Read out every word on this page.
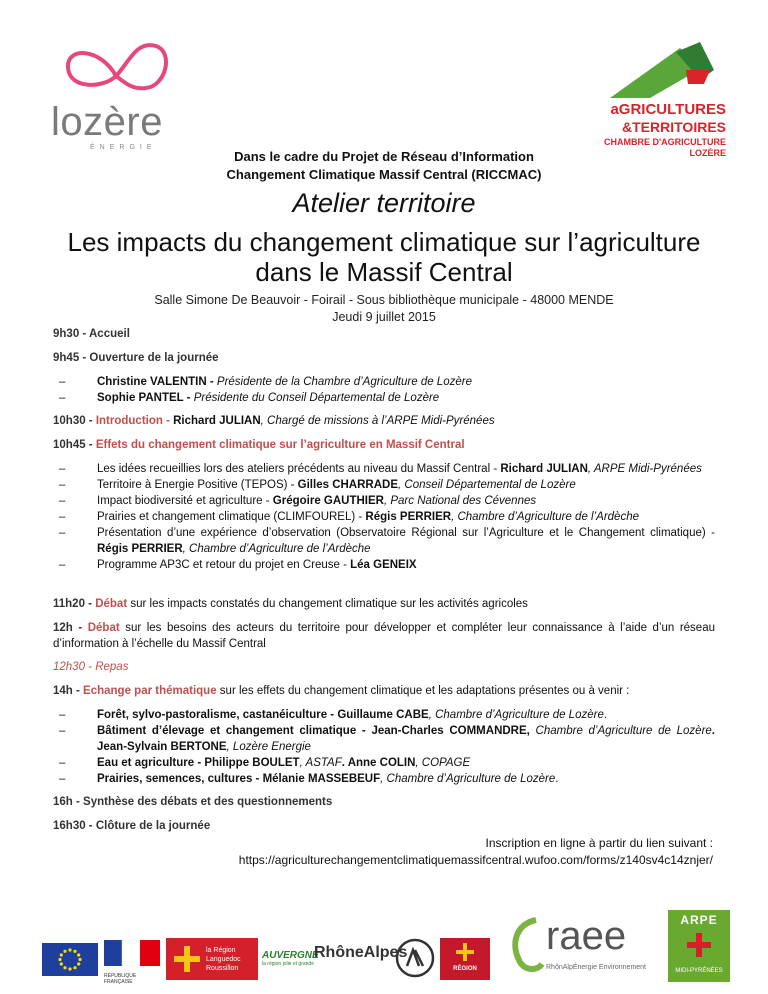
lozère
ÉNERGIE
aGRICULTURES
&TERRITOIRES
CHAMBRE D'AGRICULTURE
LOZÈRE
Dans le cadre du Projet de Réseau d’Information
Changement Climatique Massif Central (RICCMAC)
Atelier territoire
Les impacts du changement climatique sur l’agriculture
dans le Massif Central
Salle Simone De Beauvoir - Foirail - Sous bibliothèque municipale - 48000 MENDE
Jeudi 9 juillet 2015
9h30 - Accueil
9h45 - Ouverture de la journée
– Christine VALENTIN - Présidente de la Chambre d’Agriculture de Lozère
– Sophie PANTEL - Présidente du Conseil Départemental de Lozère
10h30 - Introduction - Richard JULIAN, Chargé de missions à l’ARPE Midi-Pyrénées
10h45 - Effets du changement climatique sur l’agriculture en Massif Central
– Les idées recueillies lors des ateliers précédents au niveau du Massif Central - Richard JULIAN, ARPE Midi-Pyrénées
– Territoire à Energie Positive (TEPOS) - Gilles CHARRADE, Conseil Départemental de Lozère
– Impact biodiversité et agriculture - Grégoire GAUTHIER, Parc National des Cévennes
– Prairies et changement climatique (CLIMFOUREL) - Régis PERRIER, Chambre d’Agriculture de l’Ardèche
– Présentation d’une expérience d’observation (Observatoire Régional sur l’Agriculture et le Changement climatique) - Régis PERRIER, Chambre d’Agriculture de l’Ardèche
– Programme AP3C et retour du projet en Creuse - Léa GENEIX
11h20 - Débat sur les impacts constatés du changement climatique sur les activités agricoles
12h - Débat sur les besoins des acteurs du territoire pour développer et compléter leur connaissance à l’aide d’un réseau d’information à l’échelle du Massif Central
12h30 - Repas
14h - Echange par thématique sur les effets du changement climatique et les adaptations présentes ou à venir :
– Forêt, sylvo-pastoralisme, castanéiculture - Guillaume CABE, Chambre d’Agriculture de Lozère.
– Bâtiment d’élevage et changement climatique - Jean-Charles COMMANDRE, Chambre d’Agriculture de Lozère. Jean-Sylvain BERTONE, Lozère Energie
– Eau et agriculture - Philippe BOULET, ASTAF. Anne COLIN, COPAGE
– Prairies, semences, cultures - Mélanie MASSEBEUF, Chambre d’Agriculture de Lozère.
16h - Synthèse des débats et des questionnements
16h30 - Clôture de la journée
Inscription en ligne à partir du lien suivant :
https://agriculturechangementclimatiquemassifcentral.wufoo.com/forms/z140sv4c14znjer/
RÉPUBLIQUE FRANÇAISE
la Région Languedoc Roussillon
AUVERGNE
la région jolie et grande
RhôneAlpes
RÉGION
raee
RhônAlpÉnergie Environnement
ARPE
MIDI-PYRÉNÉES
